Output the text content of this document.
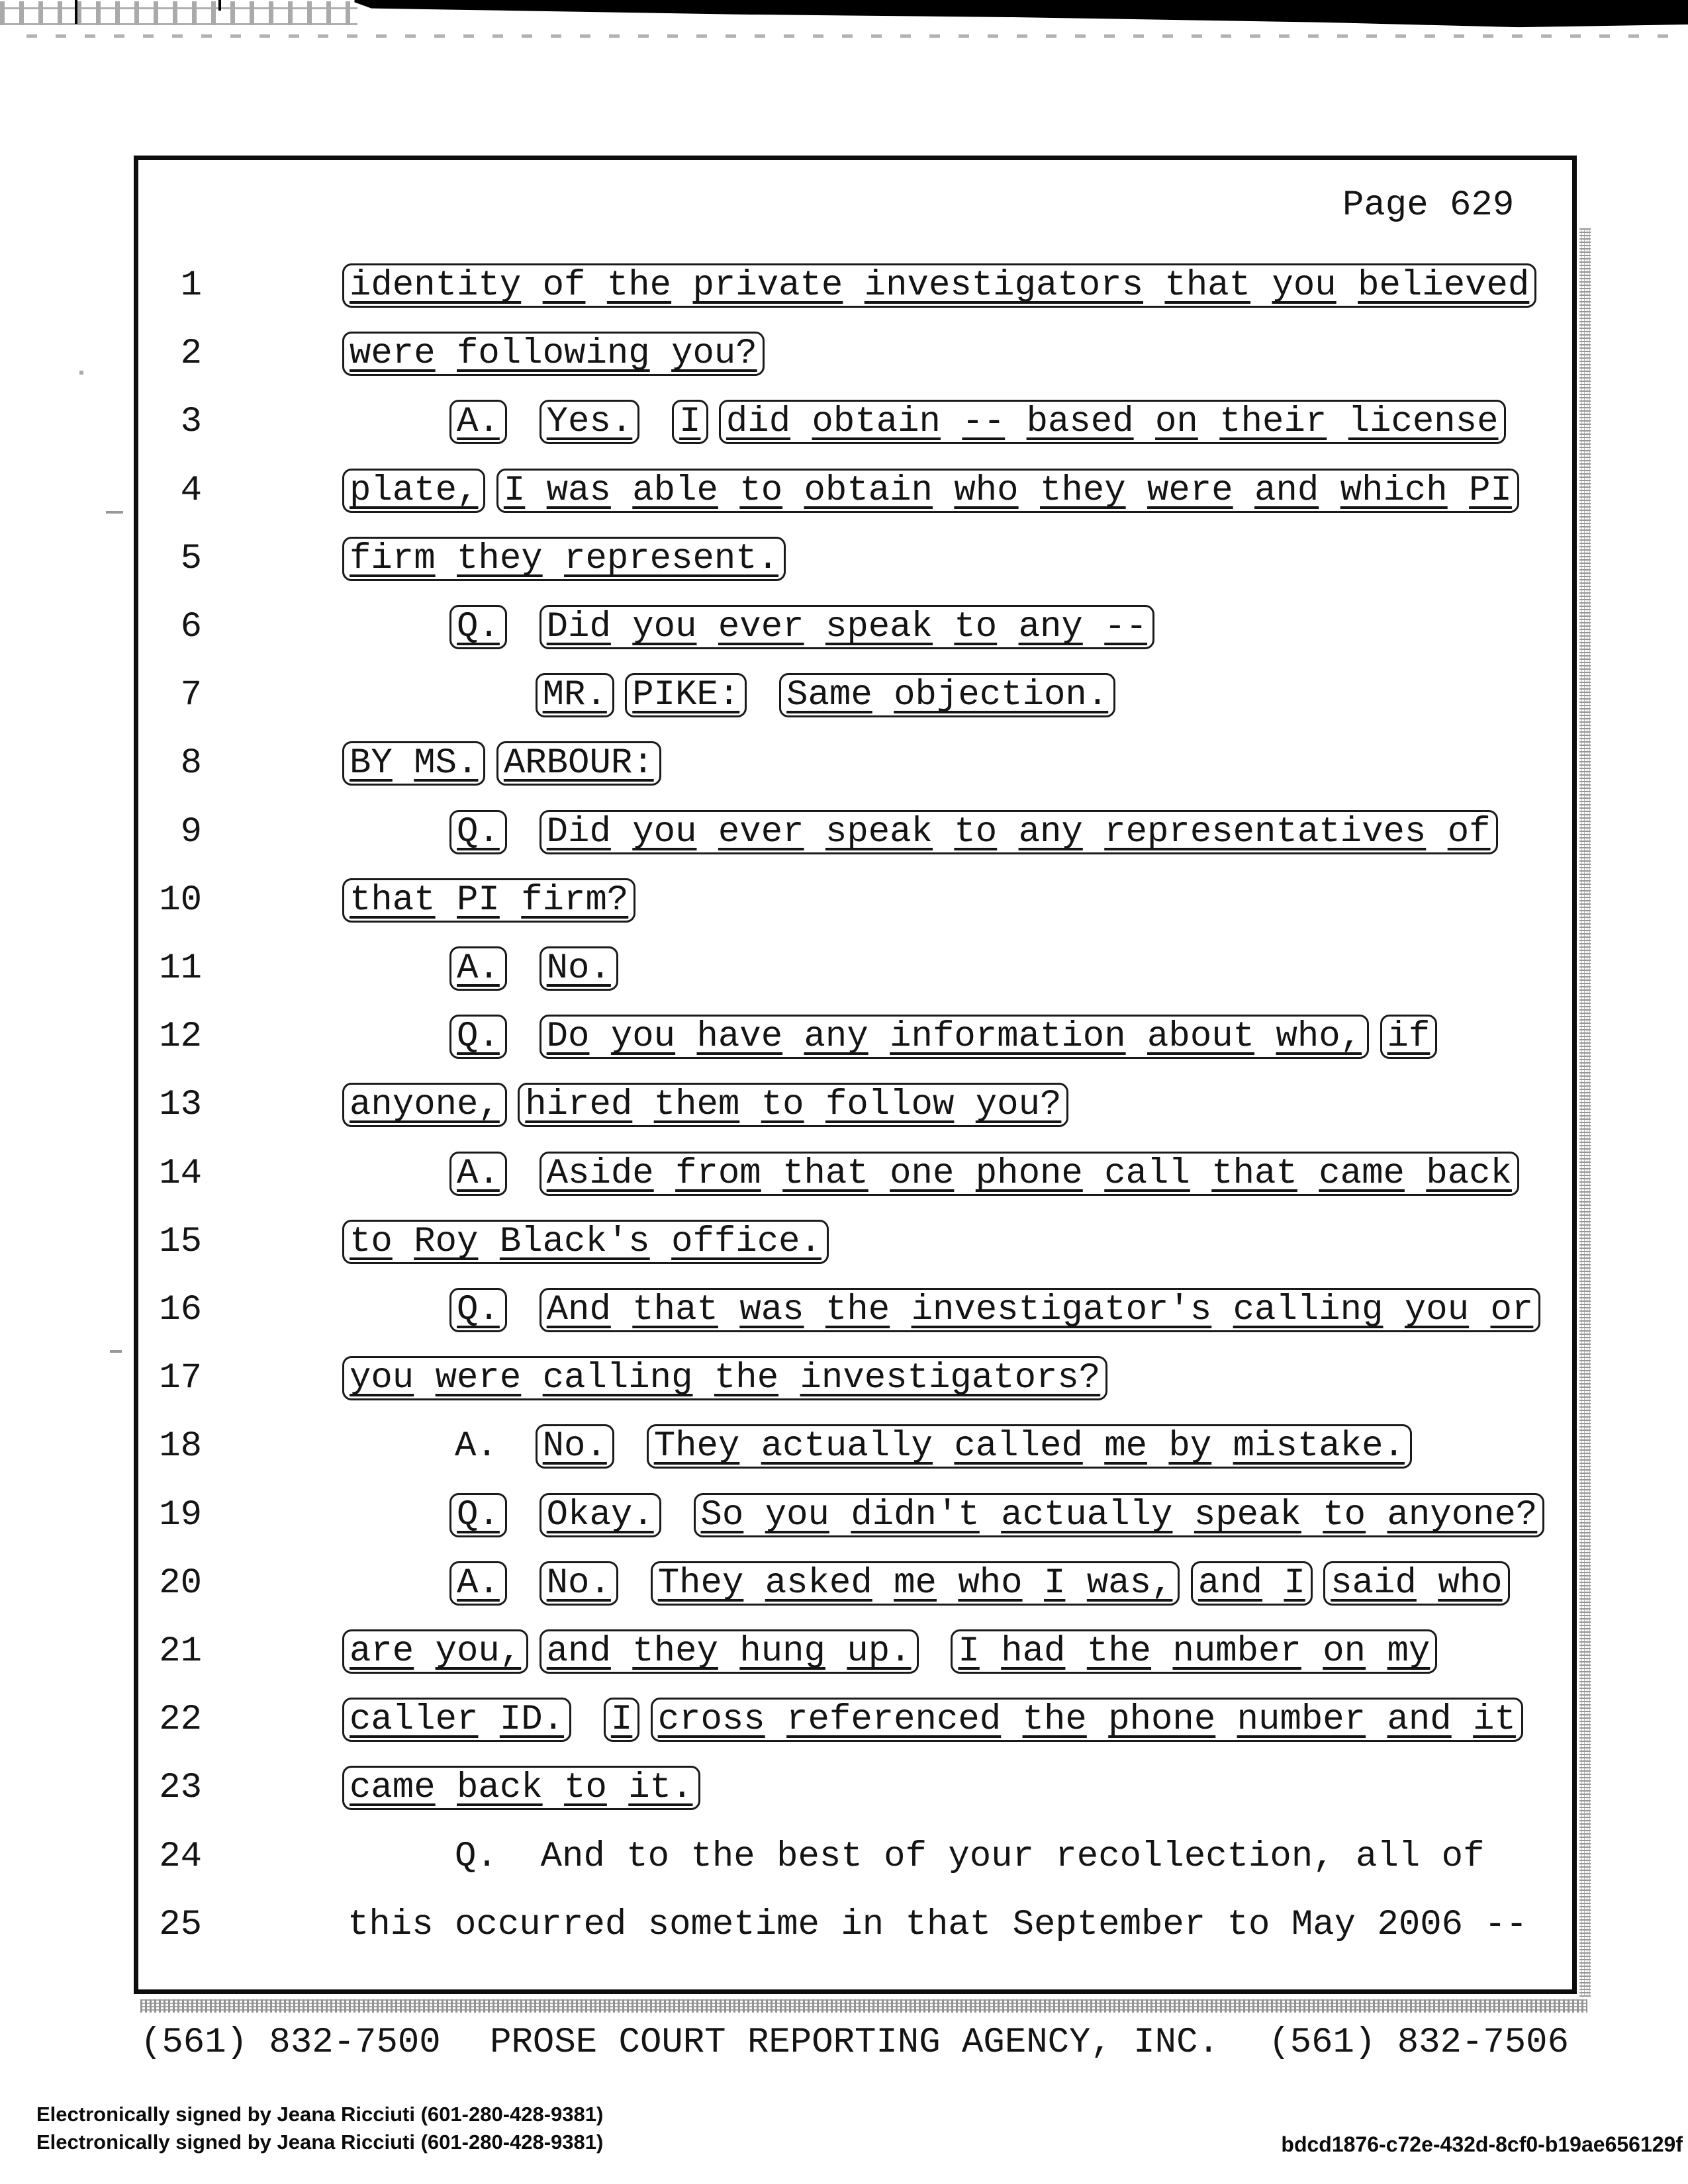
Page 629
1	identity of the private investigators that you believed
2	were following you?
3	A. Yes. I did obtain -- based on their license
4	plate, I was able to obtain who they were and which PI
5	firm they represent.
6	Q. Did you ever speak to any --
7	MR. PIKE: Same objection.
8	BY MS. ARBOUR:
9	Q. Did you ever speak to any representatives of
10	that PI firm?
11	A. No.
12	Q. Do you have any information about who, if
13	anyone, hired them to follow you?
14	A. Aside from that one phone call that came back
15	to Roy Black's office.
16	Q. And that was the investigator's calling you or
17	you were calling the investigators?
18	A. No. They actually called me by mistake.
19	Q. Okay. So you didn't actually speak to anyone?
20	A. No. They asked me who I was, and I said who
21	are you, and they hung up. I had the number on my
22	caller ID. I cross referenced the phone number and it
23	came back to it.
24	Q. And to the best of your recollection, all of
25	this occurred sometime in that September to May 2006 --
(561) 832-7500 PROSE COURT REPORTING AGENCY, INC. (561) 832-7506
Electronically signed by Jeana Ricciuti (601-280-428-9381)
Electronically signed by Jeana Ricciuti (601-280-428-9381)	bdcd1876-c72e-432d-8cf0-b19ae656129f
